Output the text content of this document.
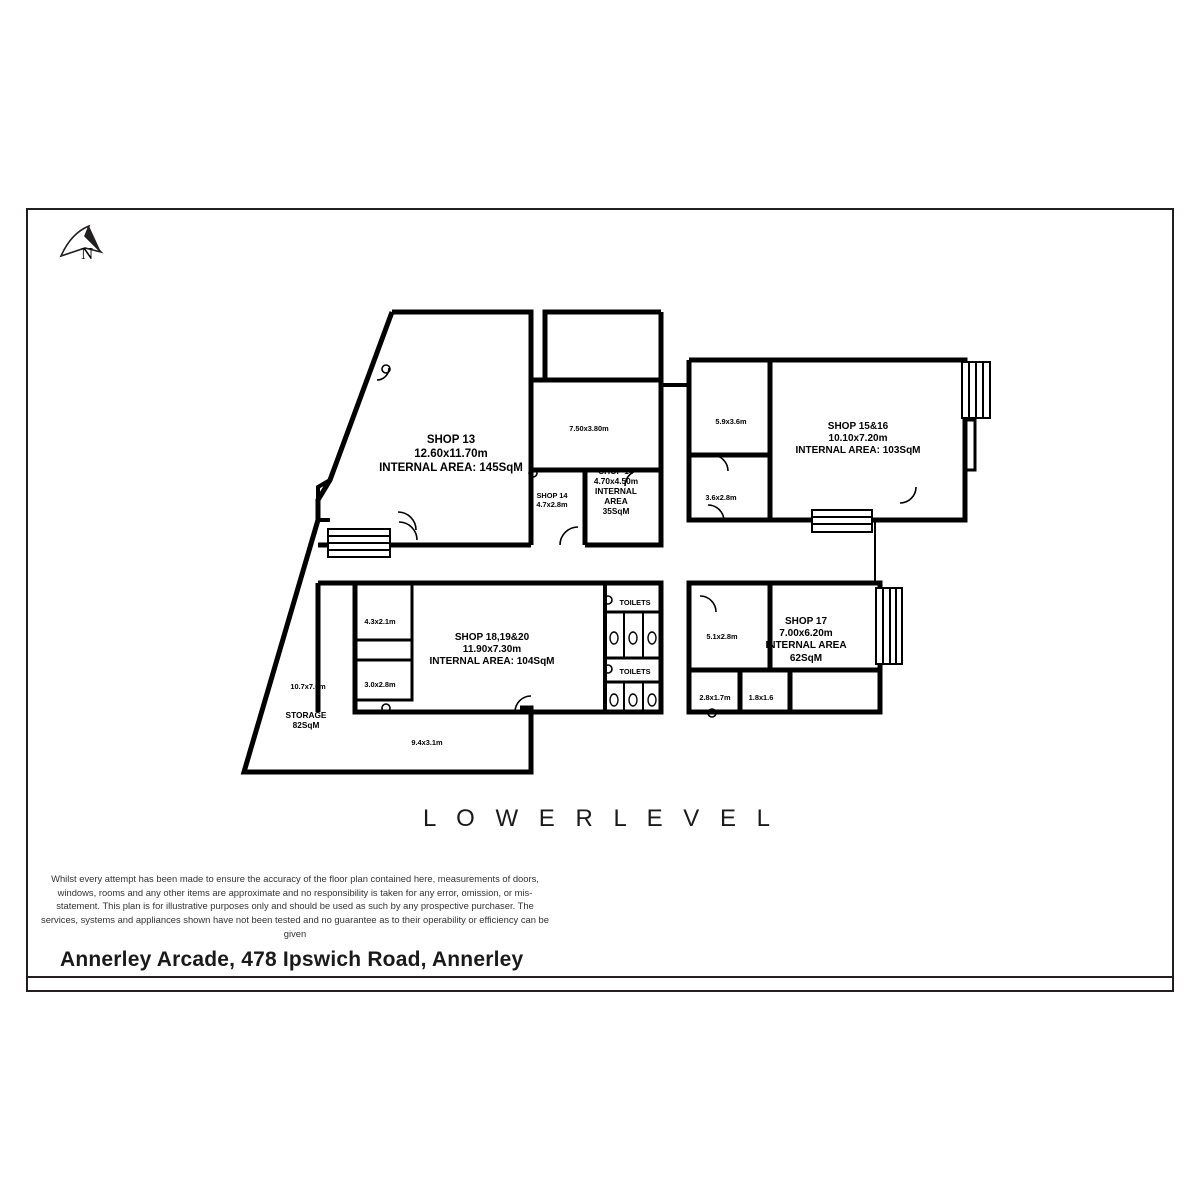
N
SHOP 13
12.60x11.70m
INTERNAL AREA: 145SqM	SHOP 14
4.70x4.50m
INTERNAL
AREA
35SqM
SHOP 14
4.7x2.8m
SHOP 15&16
10.10x7.20m
INTERNAL AREA: 103SqM
SHOP 18,19&20
11.90x7.30m
INTERNAL AREA: 104SqM
SHOP 17
7.00x6.20m
INTERNAL AREA
62SqM
STORAGE
82SqM
7.50x3.80m
5.9x3.6m
3.6x2.8m
4.3x2.1m
3.0x2.8m
10.7x7.6m
9.4x3.1m
5.1x2.8m
2.8x1.7m 1.8x1.6
TOILETS
TOILETS
L O W E R L E V E L
Whilst every attempt has been made to ensure the accuracy of the floor plan contained here, measurements of doors, windows, rooms and any other items are approximate and no responsibility is taken for any error, omission, or mis-statement. This plan is for illustrative purposes only and should be used as such by any prospective purchaser. The services, systems and appliances shown have not been tested and no guarantee as to their operability or efficiency can be given
Annerley Arcade, 478 Ipswich Road, Annerley
